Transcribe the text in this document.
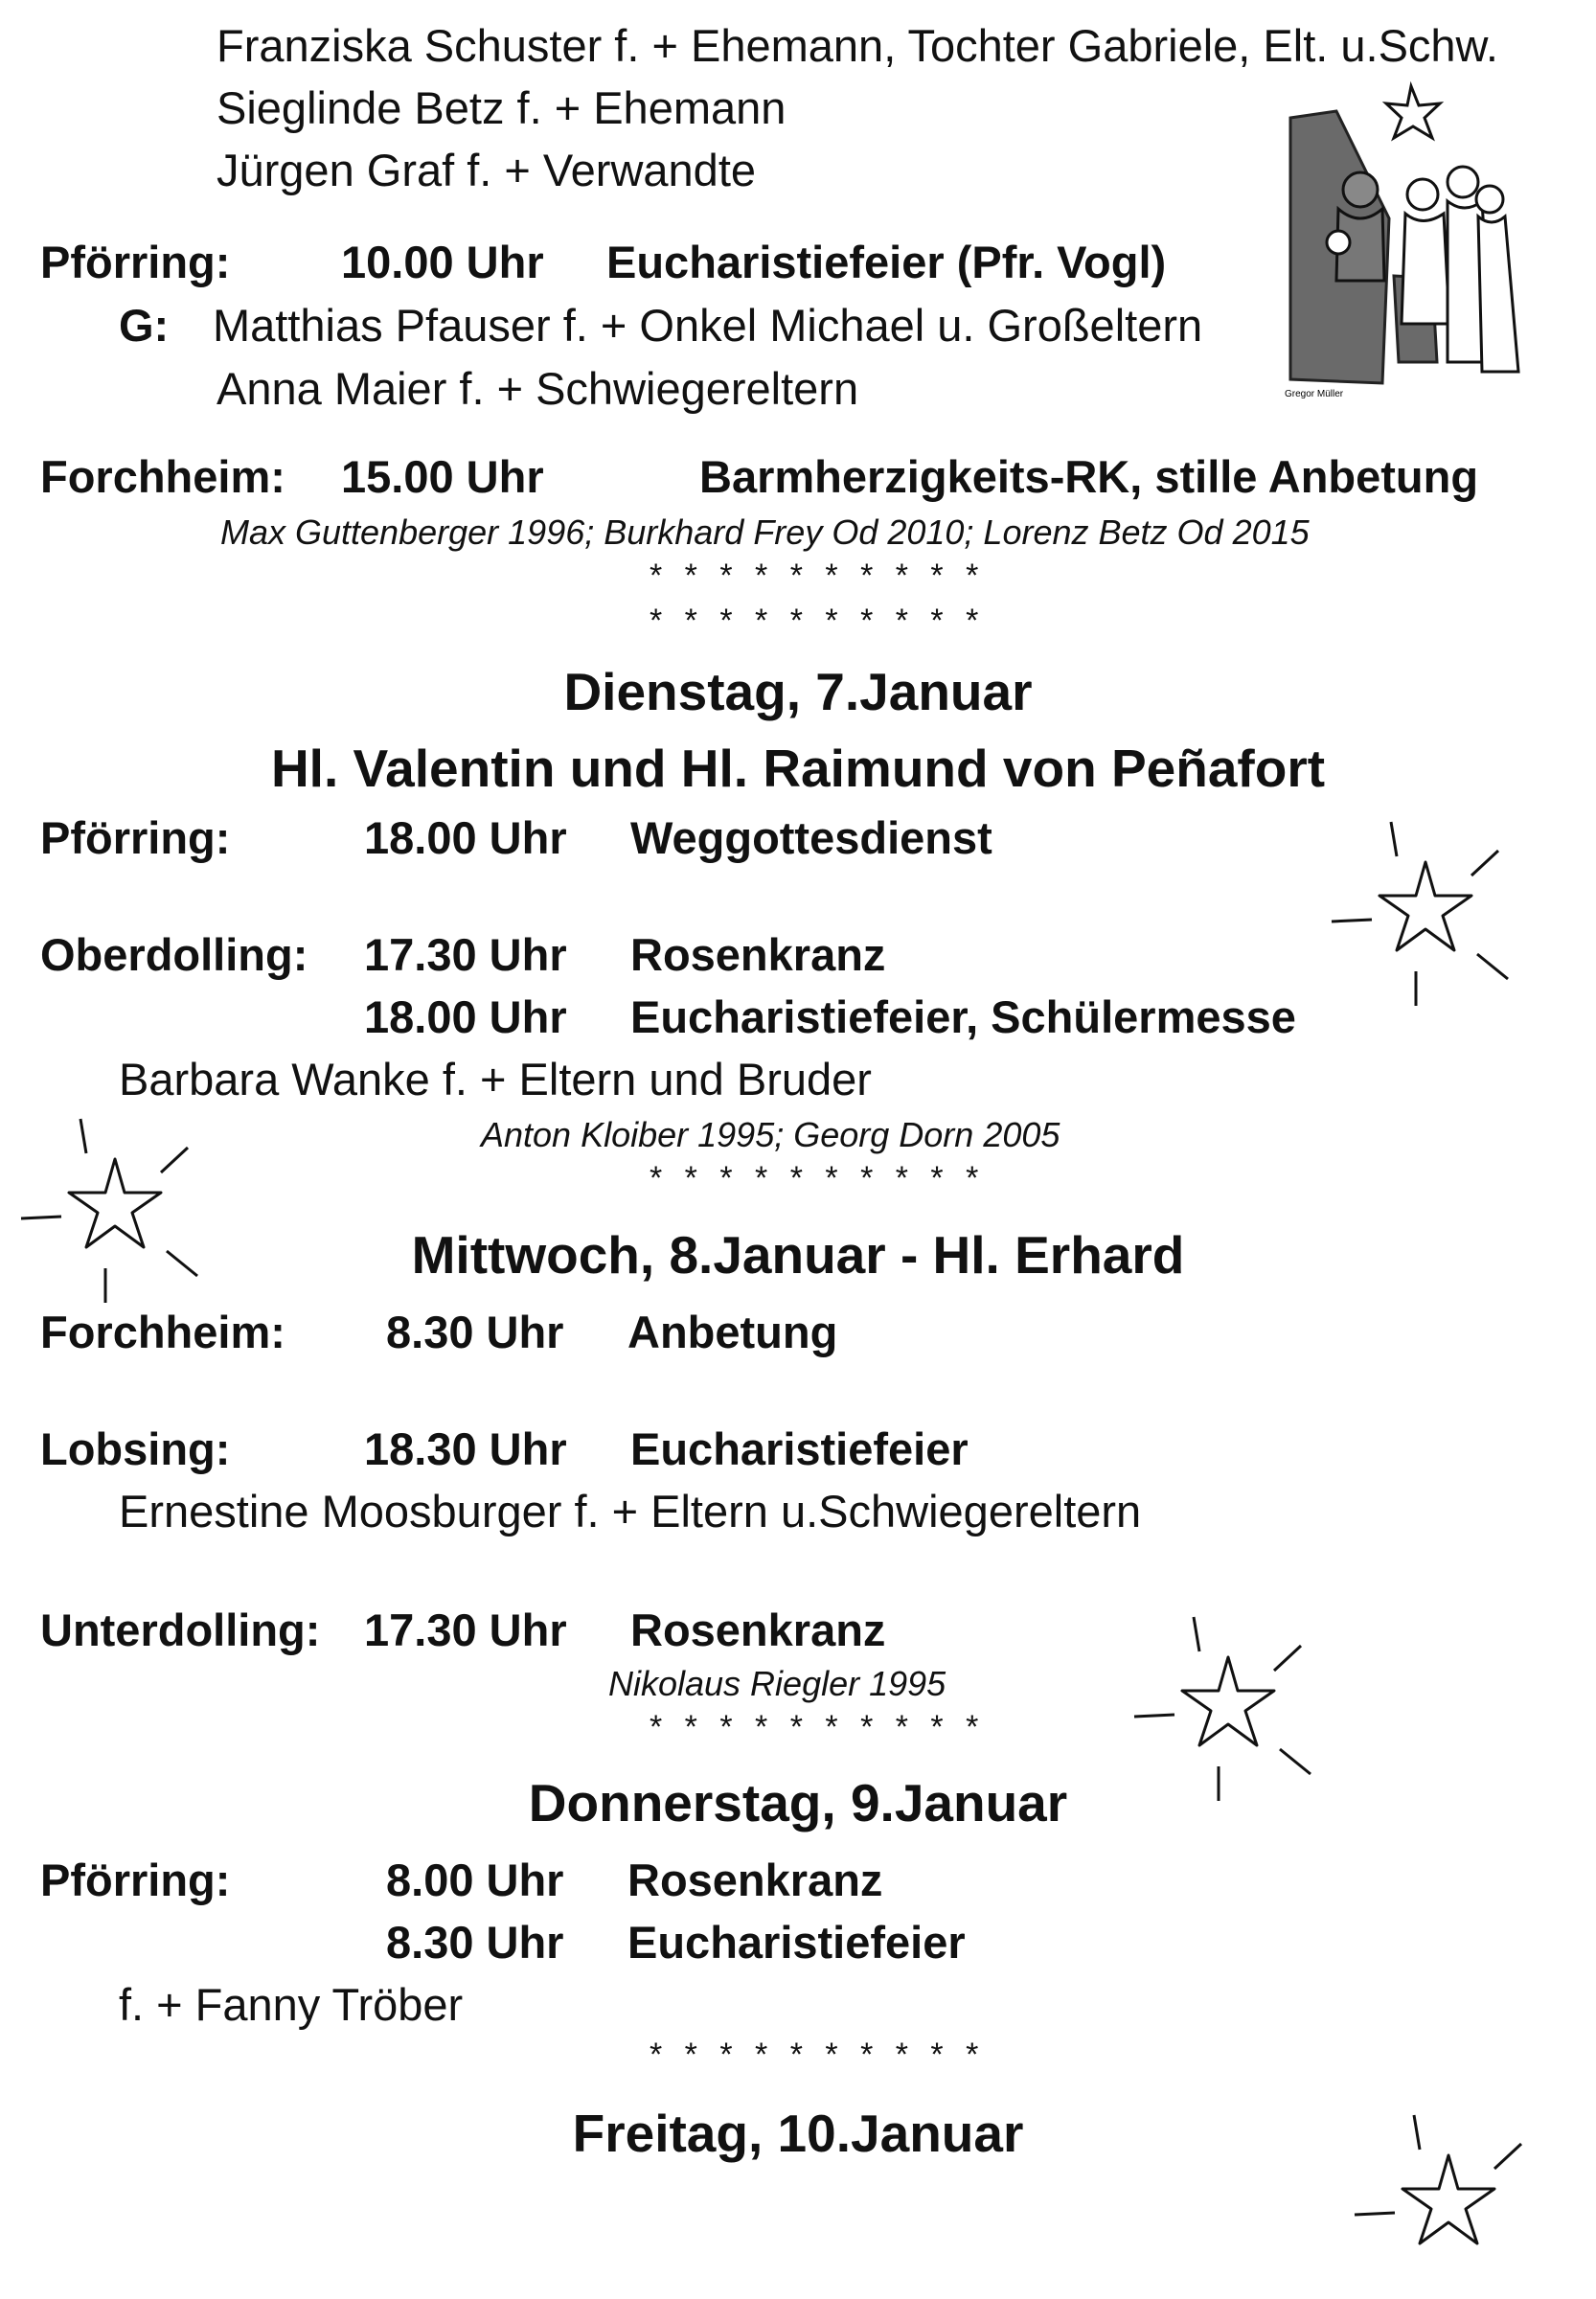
Franziska Schuster f. + Ehemann, Tochter Gabriele, Elt. u.Schw.
Sieglinde Betz f. + Ehemann
Jürgen Graf f. + Verwandte
Pförring: 10.00 Uhr Eucharistiefeier (Pfr. Vogl)
G: Matthias Pfauser f. + Onkel Michael u. Großeltern
Anna Maier f. + Schwiegereltern	Gregor Müller
Forchheim: 15.00 Uhr	Barmherzigkeits-RK, stille Anbetung
Max Guttenberger 1996; Burkhard Frey Od 2010; Lorenz Betz Od 2015
* * * * * * * * * *
* * * * * * * * * *
Dienstag, 7.Januar
Hl. Valentin und Hl. Raimund von Peñafort
Pförring:	18.00 Uhr Weggottesdienst
Oberdolling: 17.30 Uhr Rosenkranz
18.00 Uhr Eucharistiefeier, Schülermesse
Barbara Wanke f. + Eltern und Bruder
Anton Kloiber 1995; Georg Dorn 2005
* * * * * * * * * *
Mittwoch, 8.Januar - Hl. Erhard
Forchheim: 8.30 Uhr Anbetung
Lobsing:	18.30 Uhr Eucharistiefeier
Ernestine Moosburger f. + Eltern u.Schwiegereltern
Unterdolling: 17.30 Uhr Rosenkranz
Nikolaus Riegler 1995
* * * * * * * * * *
Donnerstag, 9.Januar
Pförring:	8.00 Uhr Rosenkranz
8.30 Uhr Eucharistiefeier
f. + Fanny Tröber
* * * * * * * * * *
Freitag, 10.Januar
